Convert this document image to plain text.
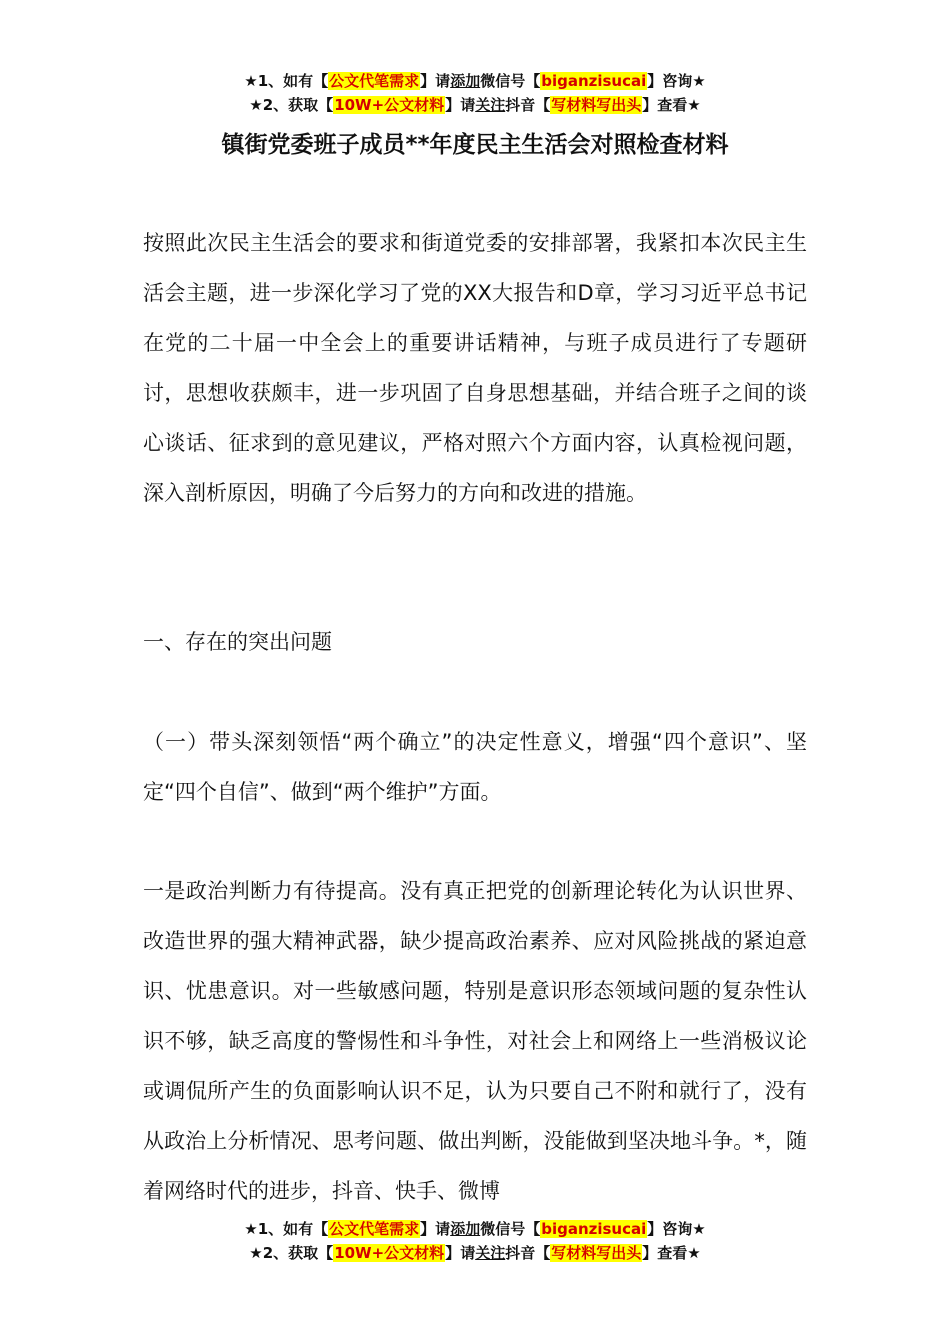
★1、如有【公文代笔需求】请添加微信号【biganzisucai】咨询★
★2、获取【10W+公文材料】请关注抖音【写材料写出头】查看★
镇街党委班子成员**年度民主生活会对照检查材料

按照此次民主生活会的要求和街道党委的安排部署，我紧扣本次民主生活会主题，进一步深化学习了党的XX大报告和D章，学习习近平总书记在党的二十届一中全会上的重要讲话精神，与班子成员进行了专题研讨，思想收获颇丰，进一步巩固了自身思想基础，并结合班子之间的谈心谈话、征求到的意见建议，严格对照六个方面内容，认真检视问题，深入剖析原因，明确了今后努力的方向和改进的措施。

一、存在的突出问题

（一）带头深刻领悟“两个确立”的决定性意义，增强“四个意识”、坚定“四个自信”、做到“两个维护”方面。

一是政治判断力有待提高。没有真正把党的创新理论转化为认识世界、改造世界的强大精神武器，缺少提高政治素养、应对风险挑战的紧迫意识、忧患意识。对一些敏感问题，特别是意识形态领域问题的复杂性认识不够，缺乏高度的警惕性和斗争性，对社会上和网络上一些消极议论或调侃所产生的负面影响认识不足，认为只要自己不附和就行了，没有从政治上分析情况、思考问题、做出判断，没能做到坚决地斗争。*，随着网络时代的进步，抖音、快手、微博

★1、如有【公文代笔需求】请添加微信号【biganzisucai】咨询★
★2、获取【10W+公文材料】请关注抖音【写材料写出头】查看★
